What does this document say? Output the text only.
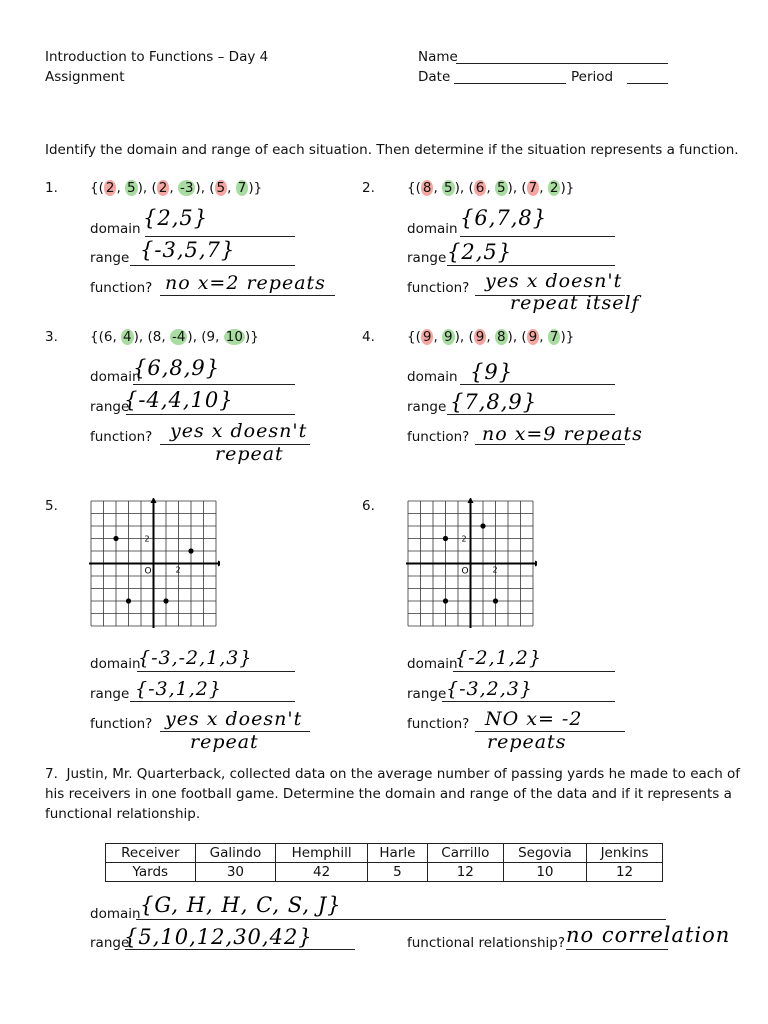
Introduction to Functions – Day 4
Assignment
Name
Date	Period
Identify the domain and range of each situation. Then determine if the situation represents a function.
1. {( 2 , 5 ), ( 2 , -3 ), ( 5 , 7 )}
domain {2,5}
range {-3,5,7}
function? no x=2 repeats
2. {( 8 , 5 ), ( 6 , 5 ), ( 7 , 2 )}
domain {6,7,8}
range {2,5}
function? yes x doesn't
repeat itself
3. {(6, 4 ), (8, -4 ), (9, 10 )}
domain
{6,8,9}
range
{-4,4,10}
function? yes x doesn't
repeat
4. {( 9 , 9 ), ( 9 , 8 ), ( 9 , 7 )}
domain {9}
range {7,8,9}
function? no x=9 repeats
5.
2
2
O
domain
{-3,-2,1,3}
range {-3,1,2}
function? yes x doesn't
repeat
6.
2
2
O
domain
{-2,1,2}
range {-3,2,3}
function? NO x= -2
repeats
7. Justin, Mr. Quarterback, collected data on the average number of passing yards he made to each of
his receivers in one football game. Determine the domain and range of the data and if it represents a
functional relationship.
Receiver	Galindo	Hemphill	Harle	Carrillo	Segovia	Jenkins
Yards	30	42	5	12	10	12
domain {G, H, H, C, S, J}
range
{5,10,12,30,42}	functional relationship? no correlation
